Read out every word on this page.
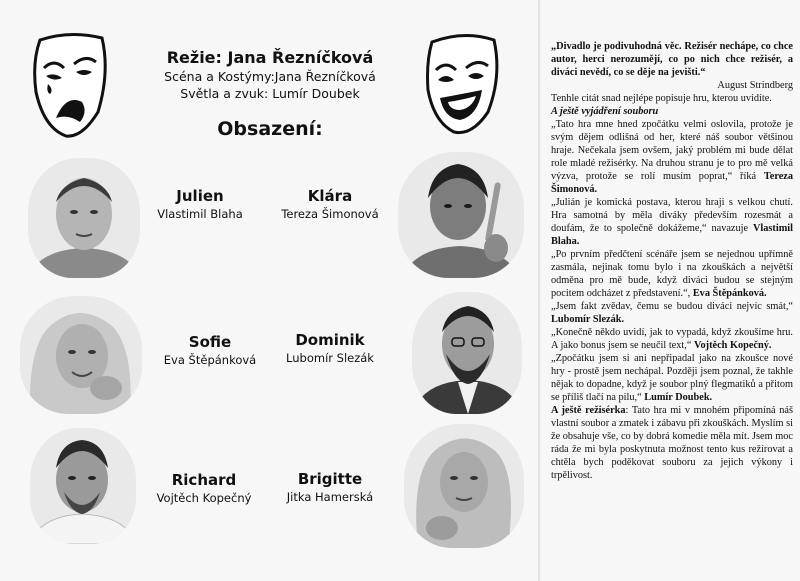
Režie: Jana Řezníčková
Scéna a Kostýmy:Jana Řezníčková
Světla a zvuk: Lumír Doubek
Obsazení:
Julien
Vlastimil Blaha
Klára
Tereza Šimonová
Sofie
Eva Štěpánková
Dominik
Lubomír Slezák
Richard
Vojtěch Kopečný
Brigitte
Jitka Hamerská

„Divadlo je podivuhodná věc. Režisér nechápe, co chce autor, herci nerozumějí, co po nich chce režisér, a diváci nevědí, co se děje na jevišti.“

August Strindberg

Tenhle citát snad nejlépe popisuje hru, kterou uvidíte.

A ještě vyjádření souboru

„Tato hra mne hned zpočátku velmi oslovila, protože je svým dějem odlišná od her, které náš soubor většinou hraje. Nečekala jsem ovšem, jaký problém mi bude dělat role mladé režisérky. Na druhou stranu je to pro mě velká výzva, protože se rolí musím poprat,“ říká Tereza Šimonová.

„Julián je komická postava, kterou hraji s velkou chutí. Hra samotná by měla diváky především rozesmát a doufám, že to společně dokážeme,“ navazuje Vlastimil Blaha.

„Po prvním předčtení scénáře jsem se nejednou upřímně zasmála, nejinak tomu bylo i na zkouškách a největší odměna pro mě bude, když diváci budou se stejným pocitem odcházet z představení.“, Eva Štěpánková.

„Jsem fakt zvědav, čemu se budou diváci nejvíc smát,“ Lubomír Slezák.

„Konečně někdo uvidí, jak to vypadá, když zkoušíme hru. A jako bonus jsem se neučil text,“ Vojtěch Kopečný.

„Zpočátku jsem si ani nepřipadal jako na zkoušce nové hry - prostě jsem nechápal. Později jsem poznal, že takhle nějak to dopadne, když je soubor plný flegmatiků a přitom se příliš tlačí na pilu,“ Lumír Doubek.

A ještě režisérka: Tato hra mi v mnohém připomíná náš vlastní soubor a zmatek i zábavu při zkouškách. Myslím si že obsahuje vše, co by dobrá komedie měla mít. Jsem moc ráda že mi byla poskytnuta možnost tento kus režírovat a chtěla bych poděkovat souboru za jejich výkony i trpělivost.
